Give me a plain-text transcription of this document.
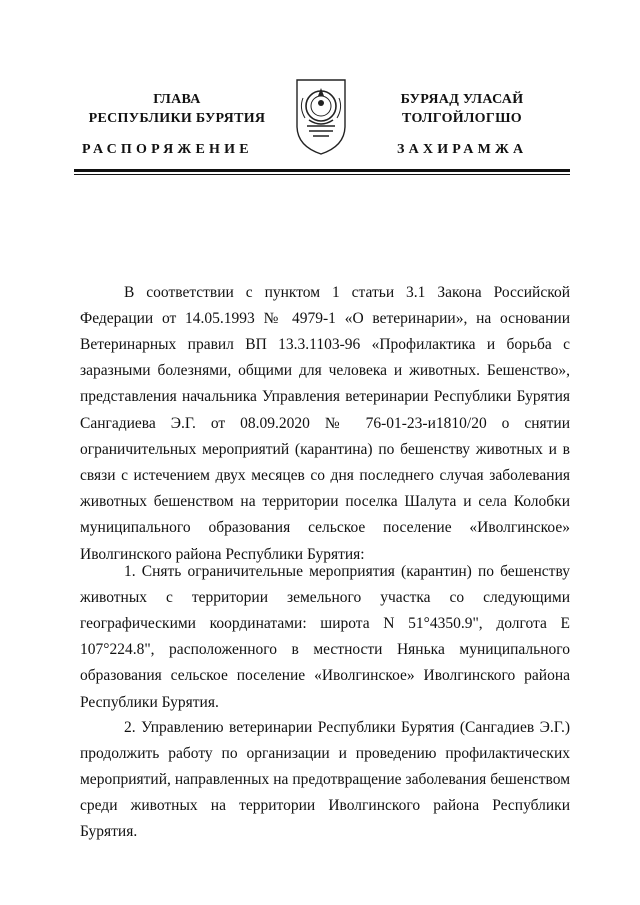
ГЛАВА
РЕСПУБЛИКИ БУРЯТИЯ
БУРЯАД УЛАСАЙ
ТОЛГОЙЛОГШО
РАСПОРЯЖЕНИЕ	ЗАХИРАМЖА

В соответствии с пунктом 1 статьи 3.1 Закона Российской Федерации от 14.05.1993 № 4979-1 «О ветеринарии», на основании Ветеринарных правил ВП 13.3.1103-96 «Профилактика и борьба с заразными болезнями, общими для человека и животных. Бешенство», представления начальника Управления ветеринарии Республики Бурятия Сангадиева Э.Г. от 08.09.2020 № 76-01-23-и1810/20 о снятии ограничительных мероприятий (карантина) по бешенству животных и в связи с истечением двух месяцев со дня последнего случая заболевания животных бешенством на территории поселка Шалута и села Колобки муниципального образования сельское поселение «Иволгинское» Иволгинского района Республики Бурятия:

1. Снять ограничительные мероприятия (карантин) по бешенству животных с территории земельного участка со следующими географическими координатами: широта N 51°4350.9", долгота E 107°224.8", расположенного в местности Нянька муниципального образования сельское поселение «Иволгинское» Иволгинского района Республики Бурятия.

2. Управлению ветеринарии Республики Бурятия (Сангадиев Э.Г.) продолжить работу по организации и проведению профилактических мероприятий, направленных на предотвращение заболевания бешенством среди животных на территории Иволгинского района Республики Бурятия.
